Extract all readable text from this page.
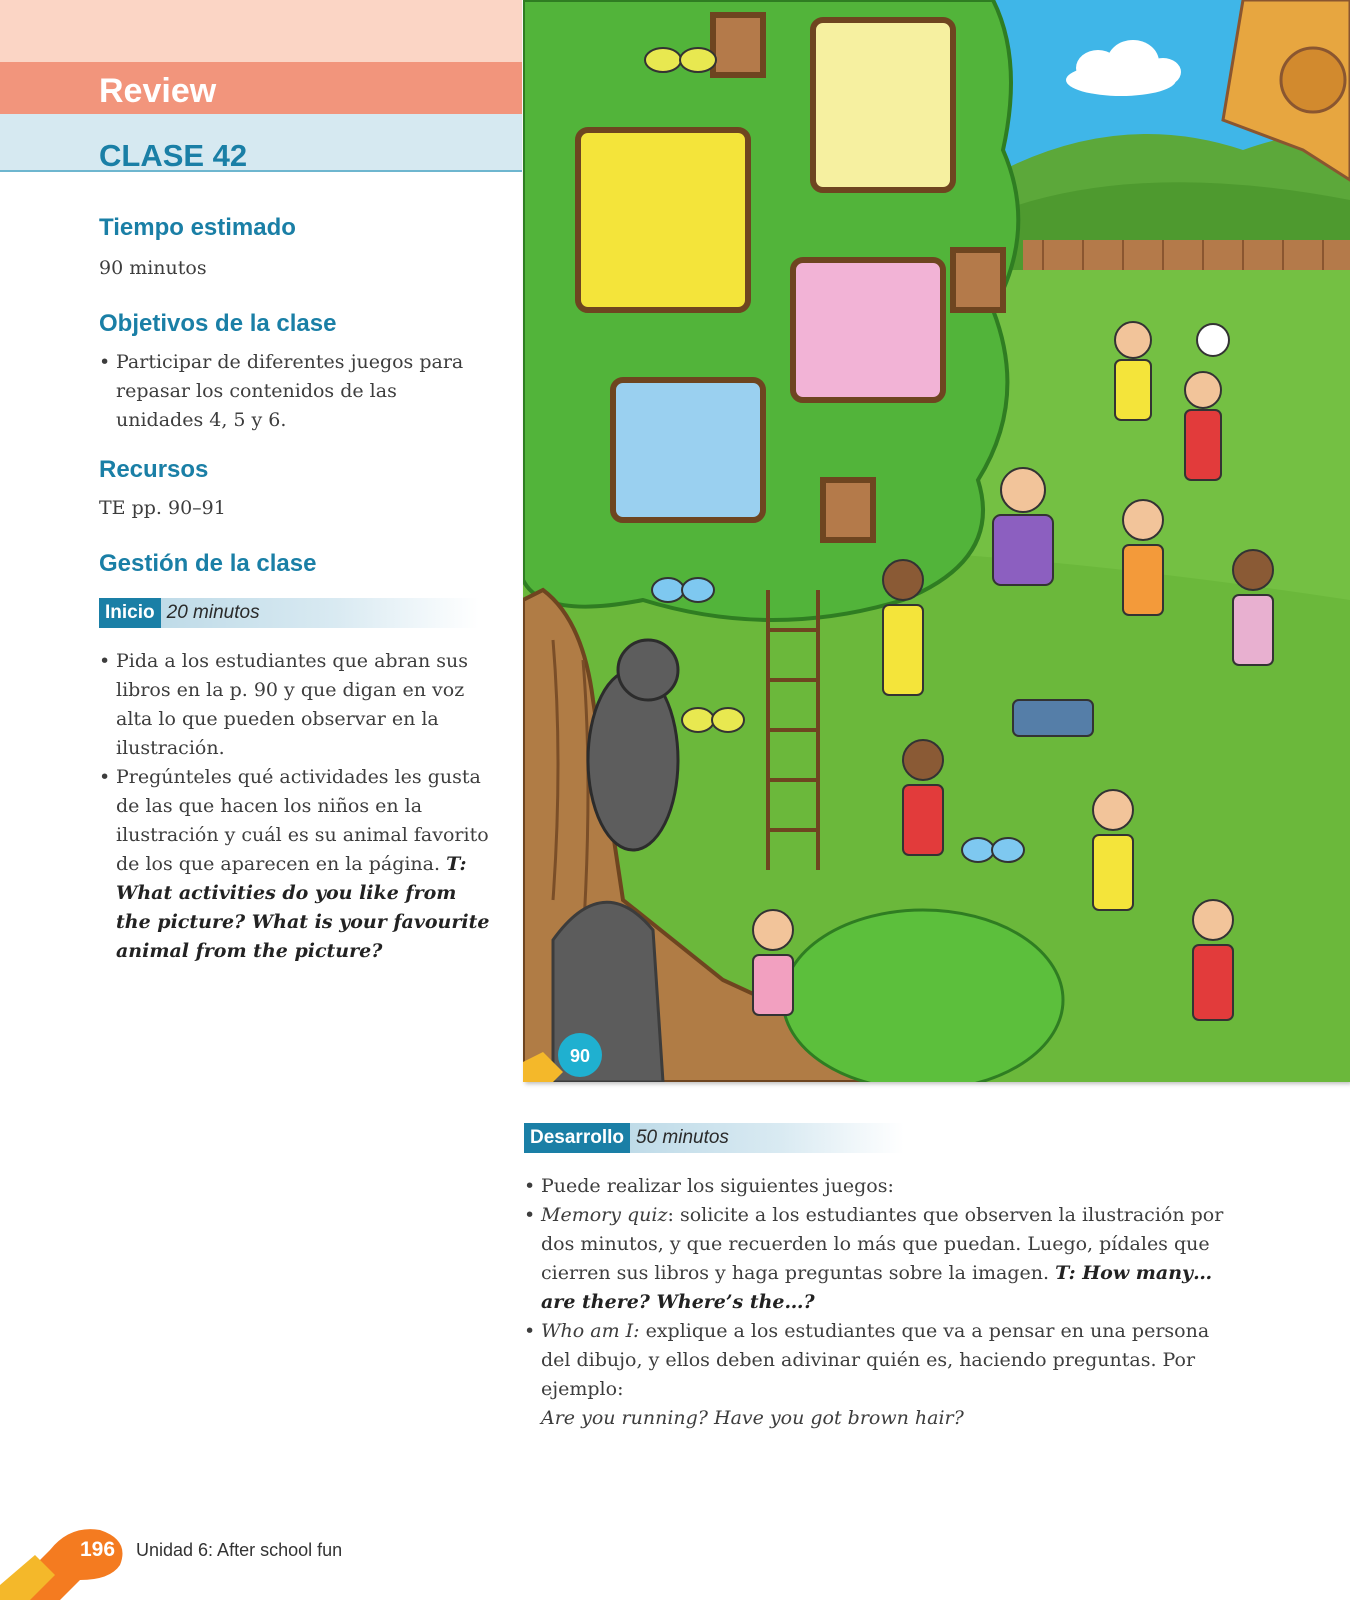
Review
CLASE 42
Tiempo estimado

90 minutos

Objetivos de la clase
• Participar de diferentes juegos para repasar los contenidos de las unidades 4, 5 y 6.
Recursos

TE pp. 90–91

Gestión de la clase
Inicio 20 minutos
• Pida a los estudiantes que abran sus libros en la p. 90 y que digan en voz alta lo que pueden observar en la ilustración.
• Pregúnteles qué actividades les gusta de las que hacen los niños en la ilustración y cuál es su animal favorito de los que aparecen en la página. T: What activities do you like from the picture? What is your favourite animal from the picture?
90
Desarrollo 50 minutos
• Puede realizar los siguientes juegos:
• Memory quiz: solicite a los estudiantes que observen la ilustración por dos minutos, y que recuerden lo más que puedan. Luego, pídales que cierren sus libros y haga preguntas sobre la imagen. T: How many…are there? Where’s the…?
• Who am I: explique a los estudiantes que va a pensar en una persona del dibujo, y ellos deben adivinar quién es, haciendo preguntas. Por ejemplo:
Are you running? Have you got brown hair?

196 Unidad 6: After school fun
